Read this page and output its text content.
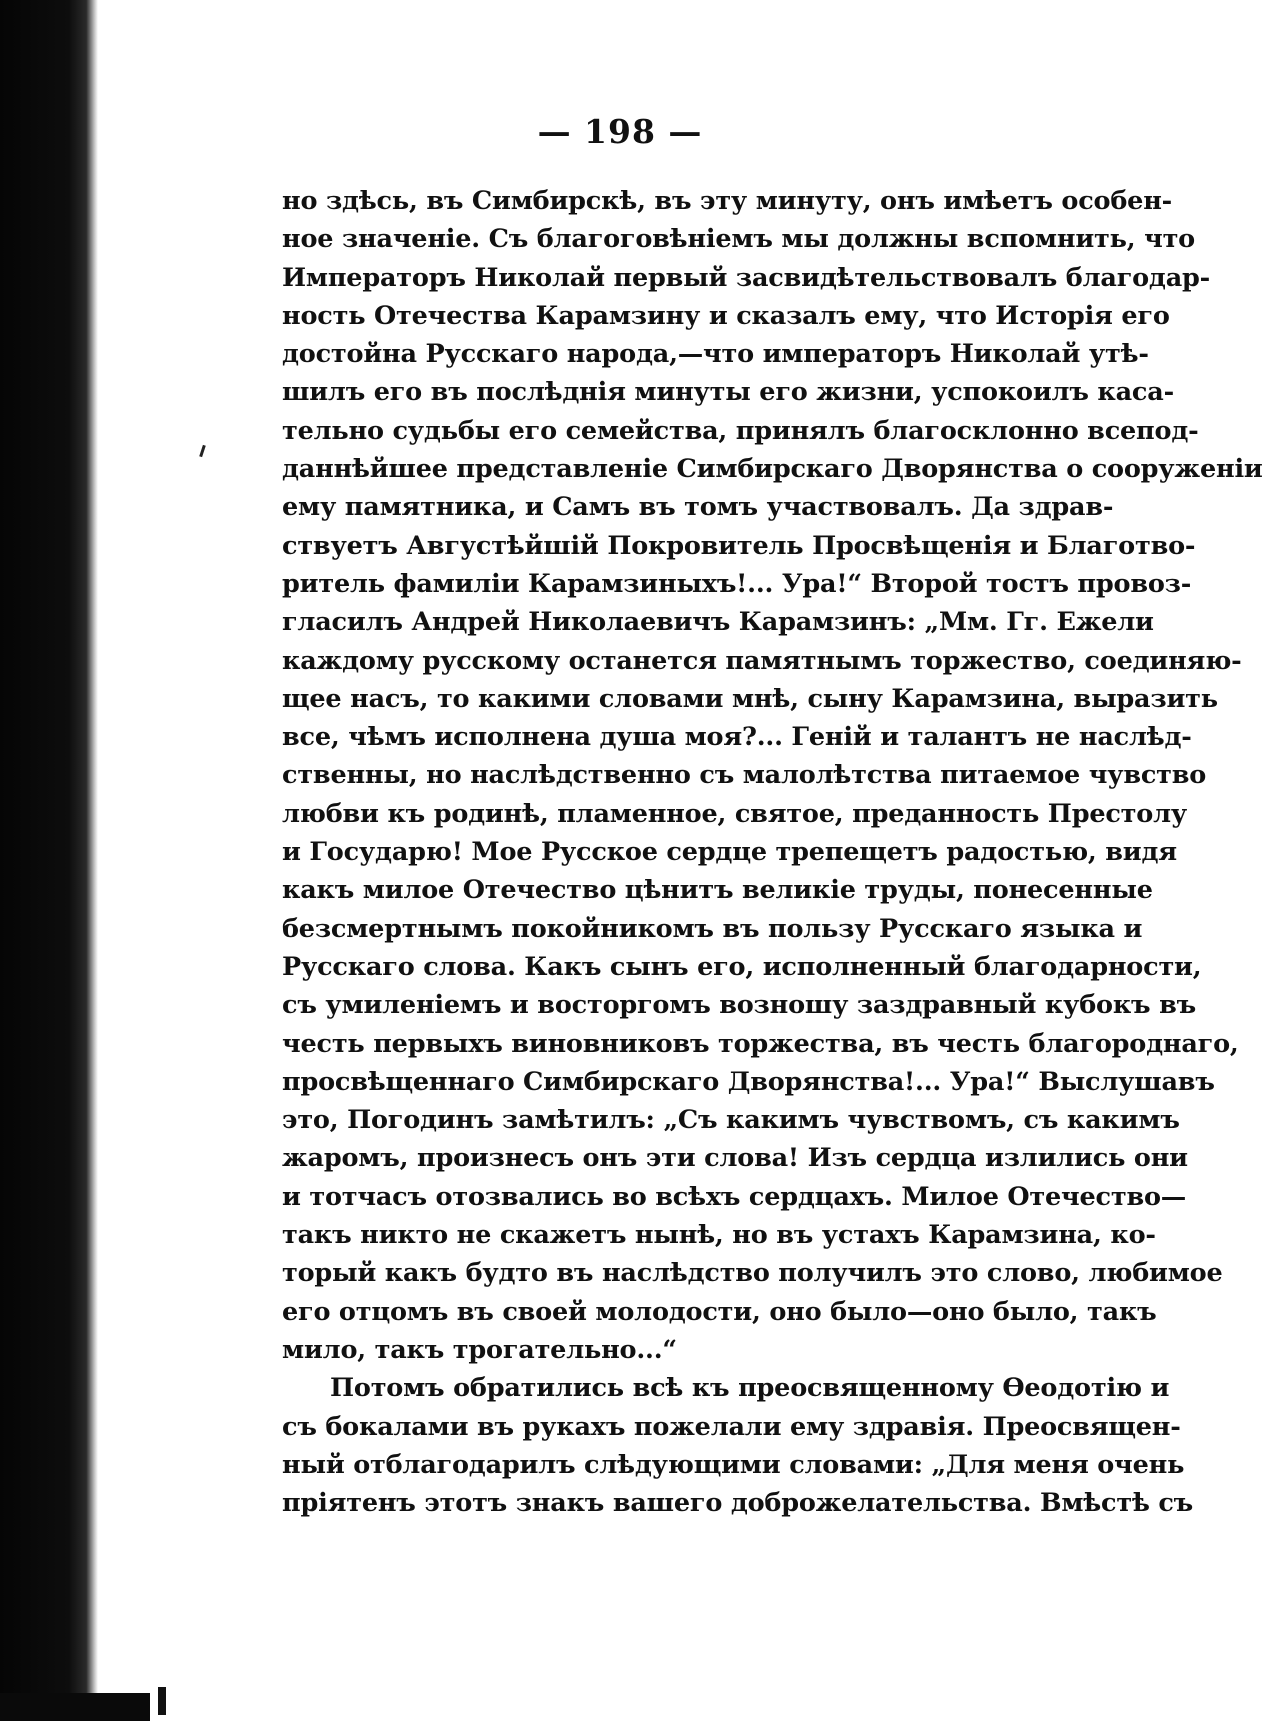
— 198 —
но здѣсь, въ Симбирскѣ, въ эту минуту, онъ имѣетъ особен-
ное значеніе. Съ благоговѣніемъ мы должны вспомнить, что
Императоръ Николай первый засвидѣтельствовалъ благодар-
ность Отечества Карамзину и сказалъ ему, что Исторія его
достойна Русскаго народа,—что императоръ Николай утѣ-
шилъ его въ послѣднія минуты его жизни, успокоилъ каса-
тельно судьбы его семейства, принялъ благосклонно всепод-
даннѣйшее представленіе Симбирскаго Дворянства о сооруженіи
ему памятника, и Самъ въ томъ участвовалъ. Да здрав-
ствуетъ Августѣйшій Покровитель Просвѣщенія и Благотво-
ритель фамиліи Карамзиныхъ!... Ура!“ Второй тостъ провоз-
гласилъ Андрей Николаевичъ Карамзинъ: „Мм. Гг. Ежели
каждому русскому останется памятнымъ торжество, соединяю-
щее насъ, то какими словами мнѣ, сыну Карамзина, выразить
все, чѣмъ исполнена душа моя?... Геній и талантъ не наслѣд-
ственны, но наслѣдственно съ малолѣтства питаемое чувство
любви къ родинѣ, пламенное, святое, преданность Престолу
и Государю! Мое Русское сердце трепещетъ радостью, видя
какъ милое Отечество цѣнитъ великіе труды, понесенные
безсмертнымъ покойникомъ въ пользу Русскаго языка и
Русскаго слова. Какъ сынъ его, исполненный благодарности,
съ умиленіемъ и восторгомъ возношу заздравный кубокъ въ
честь первыхъ виновниковъ торжества, въ честь благороднаго,
просвѣщеннаго Симбирскаго Дворянства!... Ура!“ Выслушавъ
это, Погодинъ замѣтилъ: „Съ какимъ чувствомъ, съ какимъ
жаромъ, произнесъ онъ эти слова! Изъ сердца излились они
и тотчасъ отозвались во всѣхъ сердцахъ. Милое Отечество—
такъ никто не скажетъ нынѣ, но въ устахъ Карамзина, ко-
торый какъ будто въ наслѣдство получилъ это слово, любимое
его отцомъ въ своей молодости, оно было—оно было, такъ
мило, такъ трогательно...“
Потомъ обратились всѣ къ преосвященному Ѳеодотію и
съ бокалами въ рукахъ пожелали ему здравія. Преосвящен-
ный отблагодарилъ слѣдующими словами: „Для меня очень
пріятенъ этотъ знакъ вашего доброжелательства. Вмѣстѣ съ
